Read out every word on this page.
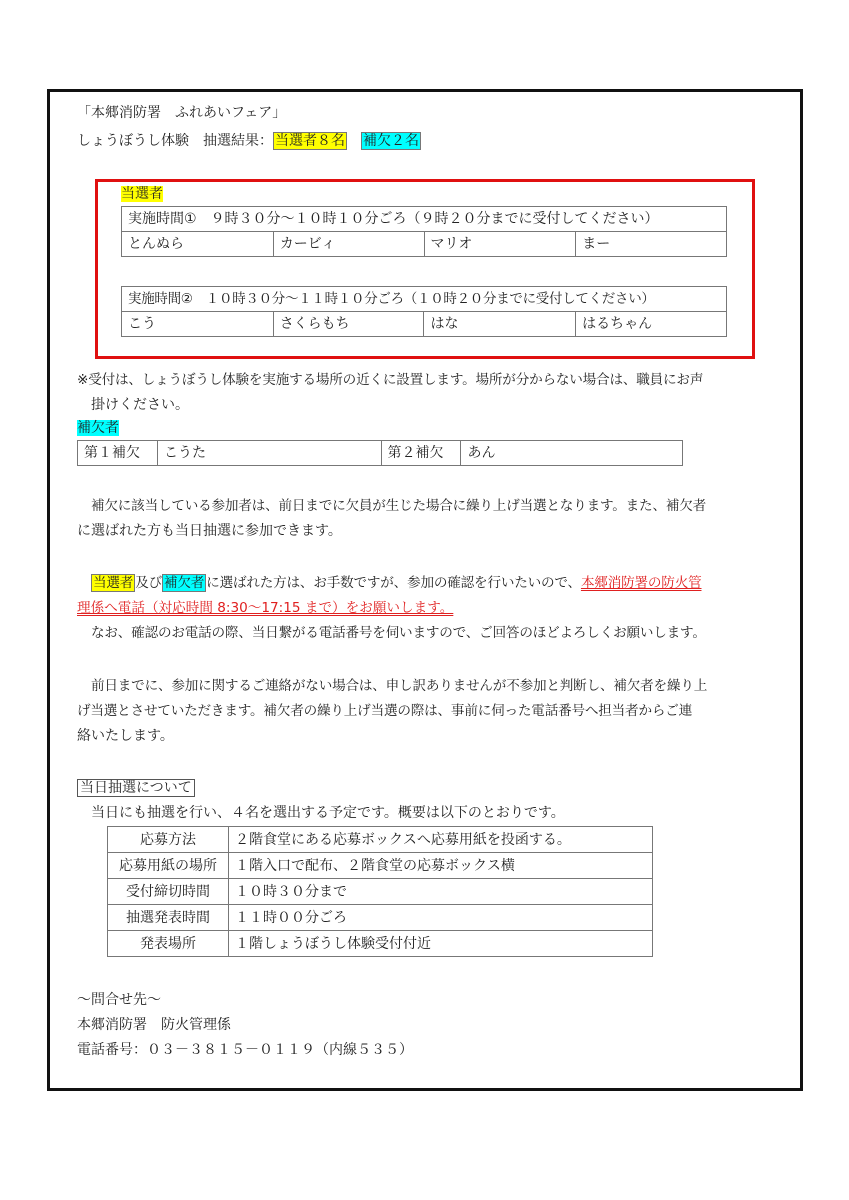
「本郷消防署　ふれあいフェア」
しょうぼうし体験　抽選結果： 当選者８名 補欠２名
当選者
実施時間①　９時３０分～１０時１０分ごろ（９時２０分までに受付してください）
とんぬら	カービィ	マリオ	まー
実施時間②　１０時３０分～１１時１０分ごろ（１０時２０分までに受付してください）
こう	さくらもち	はな	はるちゃん
※受付は、しょうぼうし体験を実施する場所の近くに設置します。場所が分からない場合は、職員にお声
掛けください。
補欠者
第１補欠	こうた	第２補欠	あん
補欠に該当している参加者は、前日までに欠員が生じた場合に繰り上げ当選となります。また、補欠者
に選ばれた方も当日抽選に参加できます。
当選者 及び 補欠者 に選ばれた方は、お手数ですが、参加の確認を行いたいので、本郷消防署の防火管
理係へ電話（対応時間 8:30～17:15 まで）をお願いします。
なお、確認のお電話の際、当日繋がる電話番号を伺いますので、ご回答のほどよろしくお願いします。
前日までに、参加に関するご連絡がない場合は、申し訳ありませんが不参加と判断し、補欠者を繰り上
げ当選とさせていただきます。補欠者の繰り上げ当選の際は、事前に伺った電話番号へ担当者からご連
絡いたします。
当日抽選について
当日にも抽選を行い、４名を選出する予定です。概要は以下のとおりです。
応募方法	２階食堂にある応募ボックスへ応募用紙を投函する。
応募用紙の場所	１階入口で配布、２階食堂の応募ボックス横
受付締切時間	１０時３０分まで
抽選発表時間	１１時００分ごろ
発表場所	１階しょうぼうし体験受付付近
～問合せ先～
本郷消防署　防火管理係
電話番号：０３－３８１５－０１１９（内線５３５）
